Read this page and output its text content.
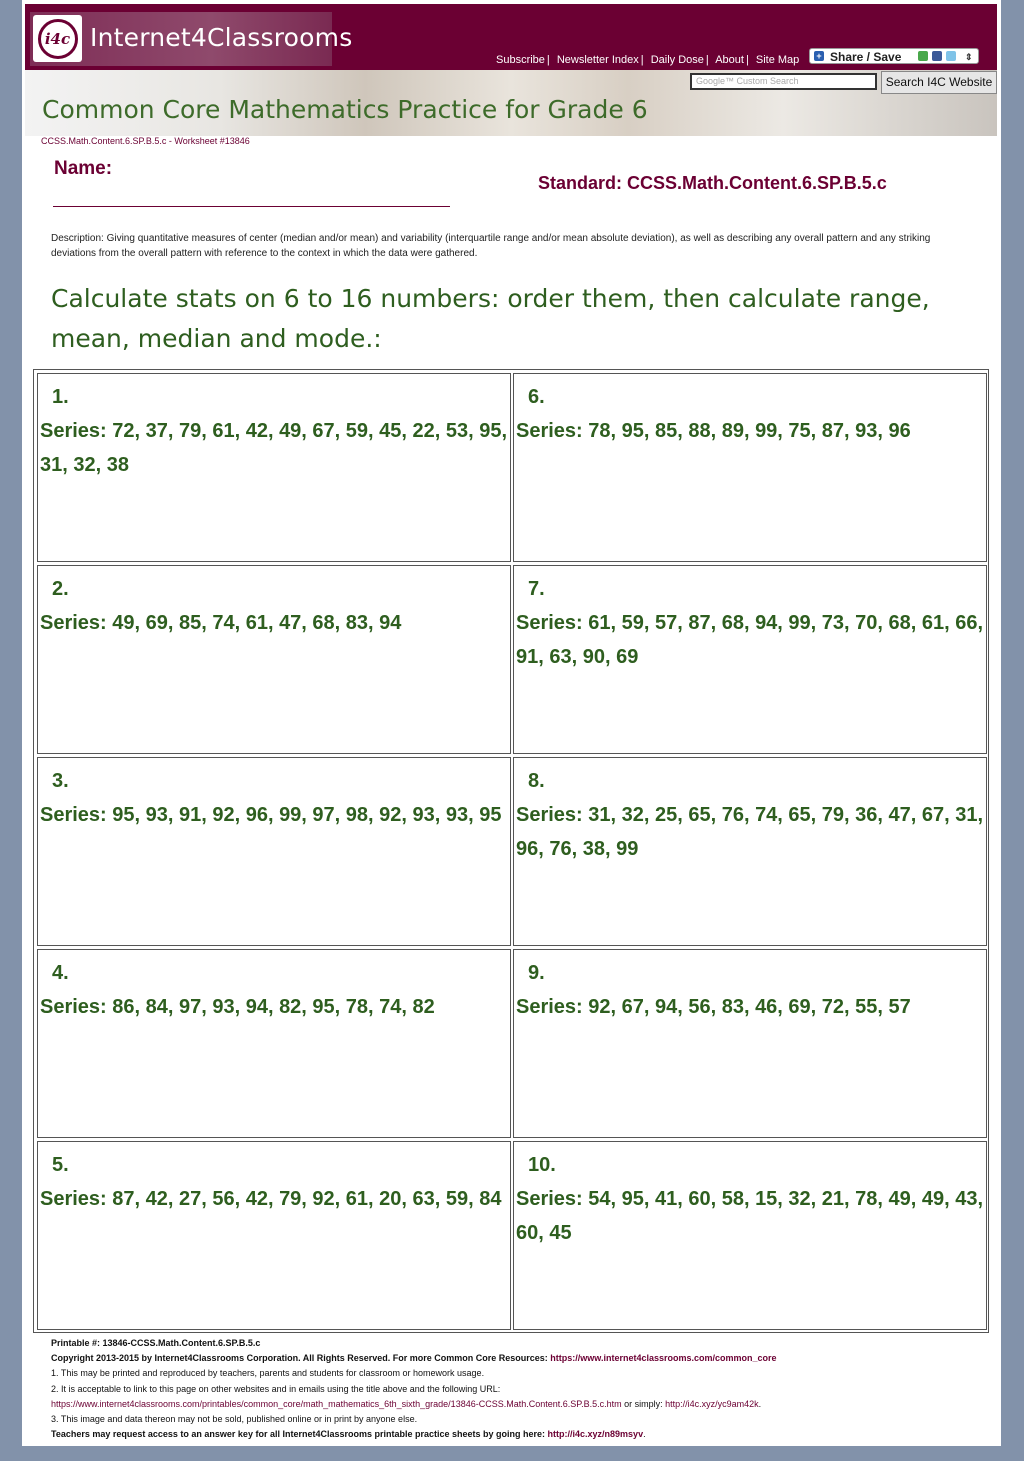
i4c Internet4Classrooms
Subscribe | Newsletter Index | Daily Dose | About | Site Map + Share / Save	⇕
Google™ Custom Search	Search I4C Website
Common Core Mathematics Practice for Grade 6
CCSS.Math.Content.6.SP.B.5.c - Worksheet #13846
Name:
Standard: CCSS.Math.Content.6.SP.B.5.c
Description: Giving quantitative measures of center (median and/or mean) and variability (interquartile range and/or mean absolute deviation), as well as describing any overall pattern and any striking deviations from the overall pattern with reference to the context in which the data were gathered.
Calculate stats on 6 to 16 numbers: order them, then calculate range, mean, median and mode.:
1.
Series: 72, 37, 79, 61, 42, 49, 67, 59, 45, 22, 53, 95, 31, 32, 38
6.
Series: 78, 95, 85, 88, 89, 99, 75, 87, 93, 96
2.
Series: 49, 69, 85, 74, 61, 47, 68, 83, 94
7.
Series: 61, 59, 57, 87, 68, 94, 99, 73, 70, 68, 61, 66, 91, 63, 90, 69
3.
Series: 95, 93, 91, 92, 96, 99, 97, 98, 92, 93, 93, 95
8.
Series: 31, 32, 25, 65, 76, 74, 65, 79, 36, 47, 67, 31, 96, 76, 38, 99
4.
Series: 86, 84, 97, 93, 94, 82, 95, 78, 74, 82
9.
Series: 92, 67, 94, 56, 83, 46, 69, 72, 55, 57
5.
Series: 87, 42, 27, 56, 42, 79, 92, 61, 20, 63, 59, 84
10.
Series: 54, 95, 41, 60, 58, 15, 32, 21, 78, 49, 49, 43, 60, 45
Printable #: 13846-CCSS.Math.Content.6.SP.B.5.c
Copyright 2013-2015 by Internet4Classrooms Corporation. All Rights Reserved. For more Common Core Resources: https://www.internet4classrooms.com/common_core
1. This may be printed and reproduced by teachers, parents and students for classroom or homework usage.
2. It is acceptable to link to this page on other websites and in emails using the title above and the following URL:
https://www.internet4classrooms.com/printables/common_core/math_mathematics_6th_sixth_grade/13846-CCSS.Math.Content.6.SP.B.5.c.htm or simply: http://i4c.xyz/yc9am42k.
3. This image and data thereon may not be sold, published online or in print by anyone else.
Teachers may request access to an answer key for all Internet4Classrooms printable practice sheets by going here: http://i4c.xyz/n89msyv.
